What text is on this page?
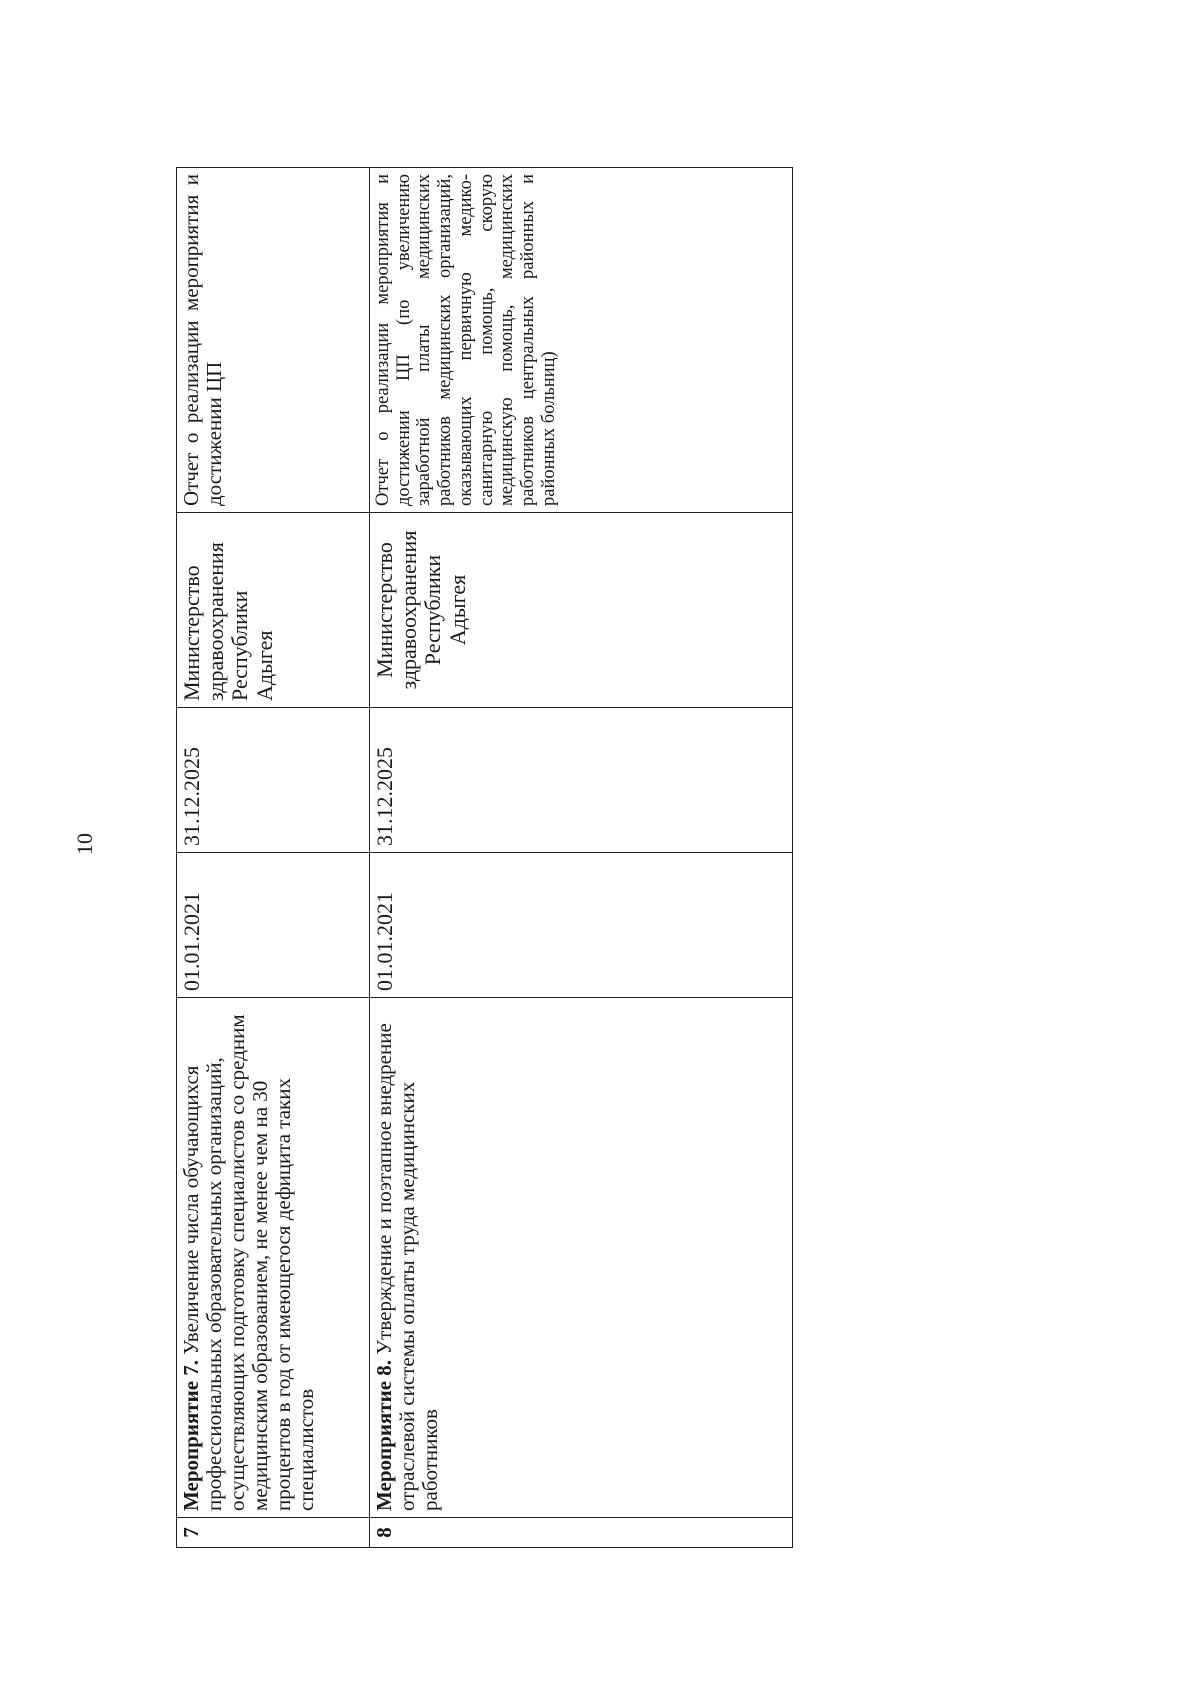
10
7	Мероприятие 7. Увеличение числа обучающихся профессиональных образовательных организаций, осуществляющих подготовку специалистов со средним медицинским образованием, не менее чем на 30 процентов в год от имеющегося дефицита таких специалистов	01.01.2021	31.12.2025	Министерство здравоохранения Республики Адыгея	Отчет о реализации мероприятия и достижении ЦП
8	Мероприятие 8. Утверждение и поэтапное внедрение отраслевой системы оплаты труда медицинских работников	01.01.2021	31.12.2025	Министерство здравоохранения Республики Адыгея	Отчет о реализации мероприятия и достижении ЦП (по увеличению заработной платы медицинских работников медицинских организаций, оказывающих первичную медико-санитарную помощь, скорую медицинскую помощь, медицинских работников центральных районных и районных больниц)
